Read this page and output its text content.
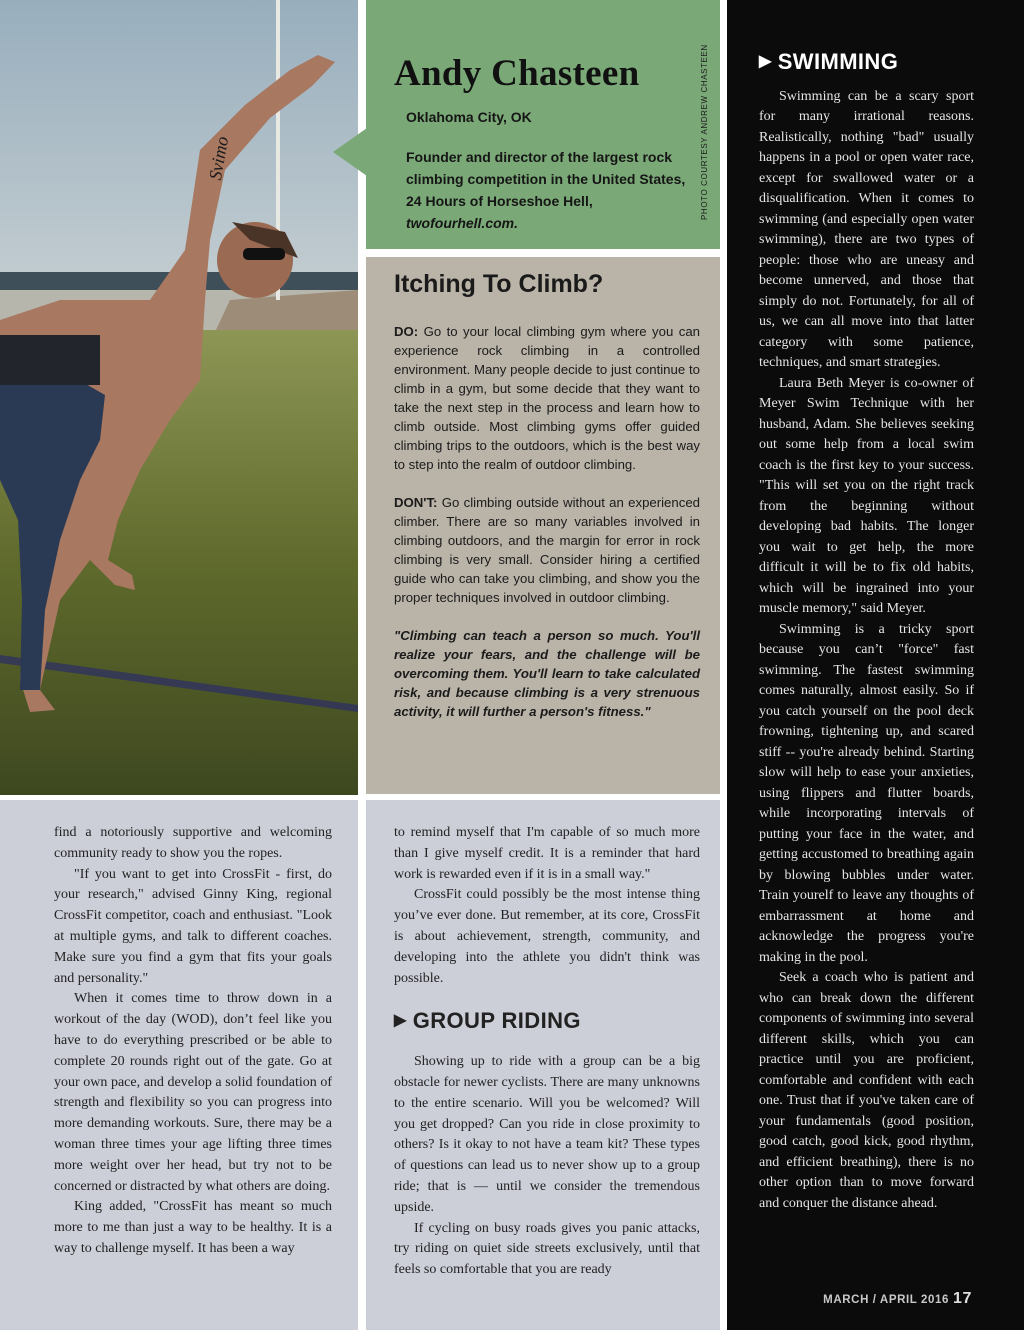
Svimo
Andy Chasteen
Oklahoma City, OK
Founder and director of the largest rock climbing competition in the United States, 24 Hours of Horseshoe Hell, twofourhell.com.
PHOTO COURTESY ANDREW CHASTEEN
Itching To Climb?

DO: Go to your local climbing gym where you can experience rock climbing in a controlled environment. Many people decide to just continue to climb in a gym, but some decide that they want to take the next step in the process and learn how to climb outside. Most climbing gyms offer guided climbing trips to the outdoors, which is the best way to step into the realm of outdoor climbing.

DON'T: Go climbing outside without an experienced climber. There are so many variables involved in climbing outdoors, and the margin for error in rock climbing is very small. Consider hiring a certified guide who can take you climbing, and show you the proper techniques involved in outdoor climbing.

"Climbing can teach a person so much. You'll realize your fears, and the challenge will be overcoming them. You'll learn to take calculated risk, and because climbing is a very strenuous activity, it will further a person's fitness."

find a notoriously supportive and welcoming community ready to show you the ropes.

"If you want to get into CrossFit - first, do your research," advised Ginny King, regional CrossFit competitor, coach and enthusiast. "Look at multiple gyms, and talk to different coaches. Make sure you find a gym that fits your goals and personality."

When it comes time to throw down in a workout of the day (WOD), don’t feel like you have to do everything prescribed or be able to complete 20 rounds right out of the gate. Go at your own pace, and develop a solid foundation of strength and flexibility so you can progress into more demanding workouts. Sure, there may be a woman three times your age lifting three times more weight over her head, but try not to be concerned or distracted by what others are doing.

King added, "CrossFit has meant so much more to me than just a way to be healthy. It is a way to challenge myself. It has been a way

to remind myself that I'm capable of so much more than I give myself credit. It is a reminder that hard work is rewarded even if it is in a small way."

CrossFit could possibly be the most intense thing you’ve ever done. But remember, at its core, CrossFit is about achievement, strength, community, and developing into the athlete you didn't think was possible.

▶ GROUP RIDING

Showing up to ride with a group can be a big obstacle for newer cyclists. There are many unknowns to the entire scenario. Will you be welcomed? Will you get dropped? Can you ride in close proximity to others? Is it okay to not have a team kit? These types of questions can lead us to never show up to a group ride; that is — until we consider the tremendous upside.

If cycling on busy roads gives you panic attacks, try riding on quiet side streets exclusively, until that feels so comfortable that you are ready

▶ SWIMMING

Swimming can be a scary sport for many irrational reasons. Realistically, nothing "bad" usually happens in a pool or open water race, except for swallowed water or a disqualification. When it comes to swimming (and especially open water swimming), there are two types of people: those who are uneasy and become unnerved, and those that simply do not. Fortunately, for all of us, we can all move into that latter category with some patience, techniques, and smart strategies.

Laura Beth Meyer is co-owner of Meyer Swim Technique with her husband, Adam. She believes seeking out some help from a local swim coach is the first key to your success. "This will set you on the right track from the beginning without developing bad habits. The longer you wait to get help, the more difficult it will be to fix old habits, which will be ingrained into your muscle memory," said Meyer.

Swimming is a tricky sport because you can’t "force" fast swimming. The fastest swimming comes naturally, almost easily. So if you catch yourself on the pool deck frowning, tightening up, and scared stiff -- you're already behind. Starting slow will help to ease your anxieties, using flippers and flutter boards, while incorporating intervals of putting your face in the water, and getting accustomed to breathing again by blowing bubbles under water. Train yourelf to leave any thoughts of embarrassment at home and acknowledge the progress you're making in the pool.

Seek a coach who is patient and who can break down the different components of swimming into several different skills, which you can practice until you are proficient, comfortable and confident with each one. Trust that if you've taken care of your fundamentals (good position, good catch, good kick, good rhythm, and efficient breathing), there is no other option than to move forward and conquer the distance ahead.

MARCH / APRIL 2016 17
